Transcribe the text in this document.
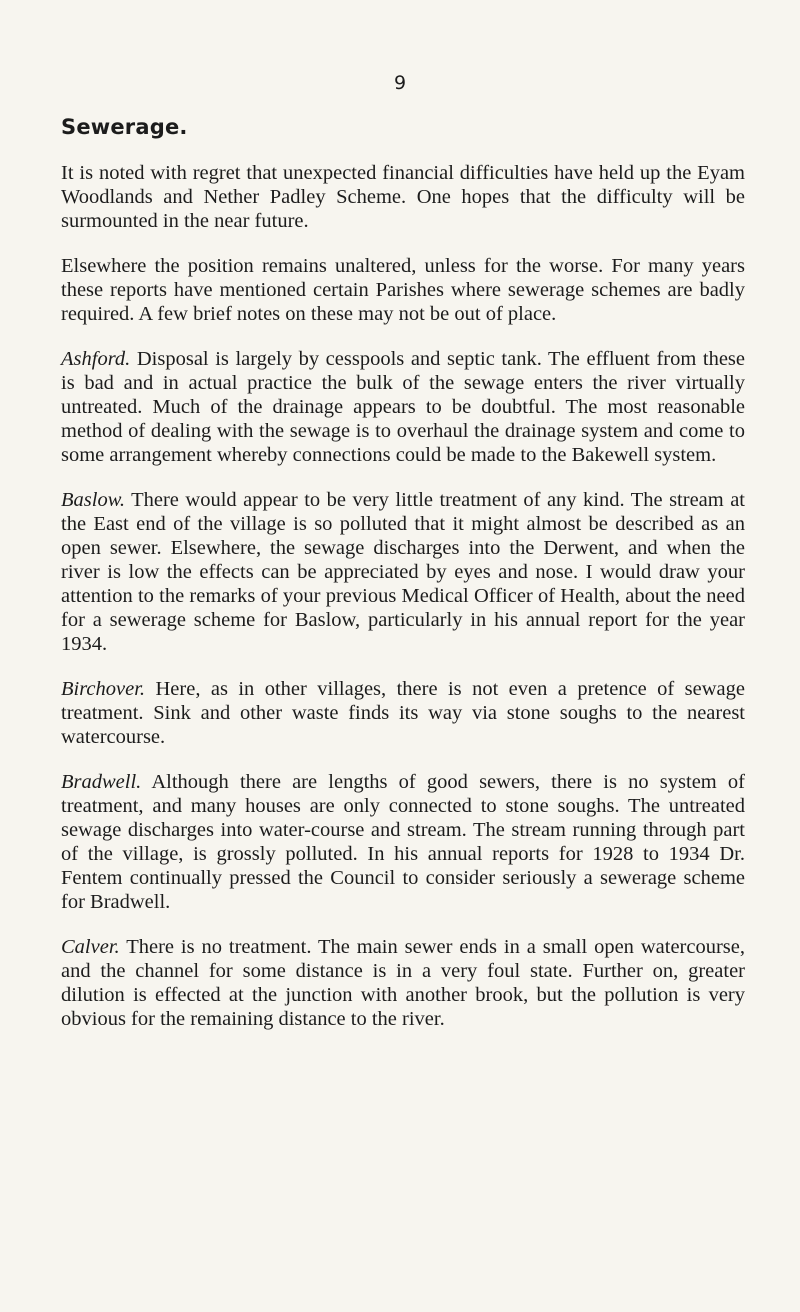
9
Sewerage.

It is noted with regret that unexpected financial difficulties have held up the Eyam Woodlands and Nether Padley Scheme. One hopes that the difficulty will be surmounted in the near future.

Elsewhere the position remains unaltered, unless for the worse. For many years these reports have mentioned certain Parishes where sewerage schemes are badly required. A few brief notes on these may not be out of place.

Ashford. Disposal is largely by cesspools and septic tank. The effluent from these is bad and in actual practice the bulk of the sewage enters the river virtually untreated. Much of the drainage appears to be doubtful. The most reasonable method of dealing with the sewage is to overhaul the drainage system and come to some arrangement whereby connections could be made to the Bakewell system.

Baslow. There would appear to be very little treatment of any kind. The stream at the East end of the village is so polluted that it might almost be described as an open sewer. Elsewhere, the sewage discharges into the Derwent, and when the river is low the effects can be appreciated by eyes and nose. I would draw your attention to the remarks of your previous Medical Officer of Health, about the need for a sewerage scheme for Baslow, particularly in his annual report for the year 1934.

Birchover. Here, as in other villages, there is not even a pretence of sewage treatment. Sink and other waste finds its way via stone soughs to the nearest watercourse.

Bradwell. Although there are lengths of good sewers, there is no system of treatment, and many houses are only connected to stone soughs. The untreated sewage discharges into water-course and stream. The stream running through part of the village, is grossly polluted. In his annual reports for 1928 to 1934 Dr. Fentem continually pressed the Council to consider seriously a sewerage scheme for Bradwell.

Calver. There is no treatment. The main sewer ends in a small open watercourse, and the channel for some distance is in a very foul state. Further on, greater dilution is effected at the junction with another brook, but the pollution is very obvious for the remaining distance to the river.
